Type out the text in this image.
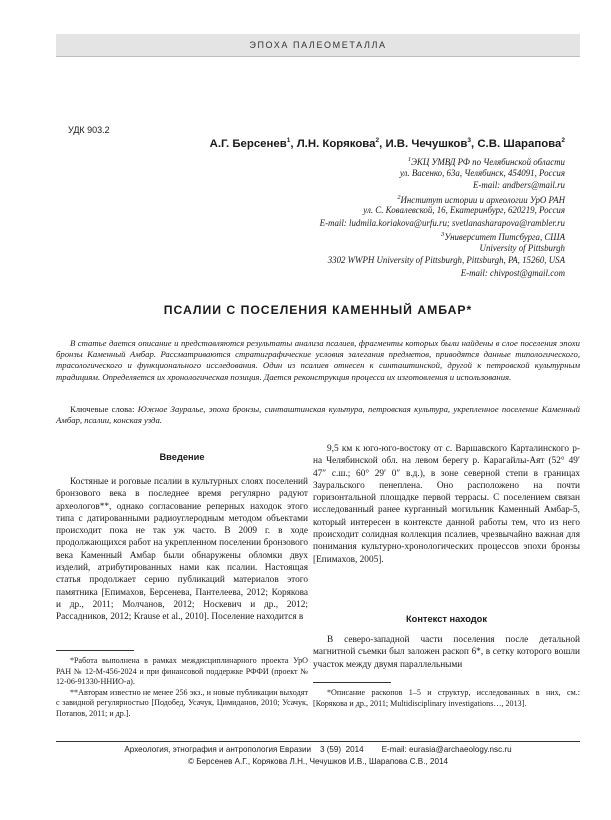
ЭПОХА ПАЛЕОМЕТАЛЛА
УДК 903.2
А.Г. Берсенев$^1$, Л.Н. Корякова$^2$, И.В. Чечушков$^3$, С.В. Шарапова$^2$
$^1$ЭКЦ УМВД РФ по Челябинской области
ул. Васенко, 63а, Челябинск, 454091, Россия
E-mail: andbers@mail.ru
$^2$Институт истории и археологии УрО РАН
ул. С. Ковалевской, 16, Екатеринбург, 620219, Россия
E-mail: ludmila.koriakova@urfu.ru; svetlanasharapova@rambler.ru
$^3$Университет Питсбурга, США
University of Pittsburgh
3302 WWPH University of Pittsburgh, Pittsburgh, PA, 15260, USA
E-mail: chivpost@gmail.com
ПСАЛИИ С ПОСЕЛЕНИЯ КАМЕННЫЙ АМБАР*
В статье дается описание и представляются результаты анализа псалиев, фрагменты которых были найдены в слое поселения эпохи бронзы Каменный Амбар. Рассматриваются стратиграфические условия залегания предметов, приводятся данные типологического, трасологического и функционального исследования. Один из псалиев отнесен к синташтинской, другой к петровской культурным традициям. Определяется их хронологическая позиция. Дается реконструкция процесса их изготовления и использования.
Ключевые слова: Южное Зауралье, эпоха бронзы, синташтинская культура, петровская культура, укрепленное поселение Каменный Амбар, псалии, конская узда.
Введение

Костяные и роговые псалии в культурных слоях поселений бронзового века в последнее время регулярно радуют археологов**, однако согласование реперных находок этого типа с датированными радиоуглеродным методом объектами происходит пока не так уж часто. В 2009 г. в ходе продолжающихся работ на укрепленном поселении бронзового века Каменный Амбар были обнаружены обломки двух изделий, атрибутированных нами как псалии. Настоящая статья продолжает серию публикаций материалов этого памятника [Епимахов, Берсенева, Пантелеева, 2012; Корякова и др., 2011; Молчанов, 2012; Носкевич и др., 2012; Рассадников, 2012; Krause et al., 2010]. Поселение находится в

*Работа выполнена в рамках междисциплинарного проекта УрО РАН № 12-М-456-2024 и при финансовой поддержке РФФИ (проект № 12-06-91330-ННИО-а).

**Авторам известно не менее 256 экз., и новые публикации выходят с завидной регулярностью [Подобед, Усачук, Цимиданов, 2010; Усачук, Потапов, 2011; и др.].

9,5 км к юго-юго-востоку от с. Варшавского Карталинского р-на Челябинской обл. на левом берегу р. Карагайлы-Аят (52° 49′ 47″ с.ш.; 60° 29′ 0″ в.д.), в зоне северной степи в границах Зауральского пенеплена. Оно расположено на почти горизонтальной площадке первой террасы. С поселением связан исследованный ранее курганный могильник Каменный Амбар-5, который интересен в контексте данной работы тем, что из него происходит солидная коллекция псалиев, чрезвычайно важная для понимания культурно-хронологических процессов эпохи бронзы [Епимахов, 2005].

Контекст находок

В северо-западной части поселения после детальной магнитной съемки был заложен раскоп 6*, в сетку которого вошли участок между двумя параллельными

*Описание раскопов 1–5 и структур, исследованных в них, см.: [Корякова и др., 2011; Multidisciplinary investigations…, 2013].

Археология, этнография и антропология Евразии    3 (59)  2014        E-mail: eurasia@archaeology.nsc.ru
© Берсенев А.Г., Корякова Л.Н., Чечушков И.В., Шарапова С.В., 2014
